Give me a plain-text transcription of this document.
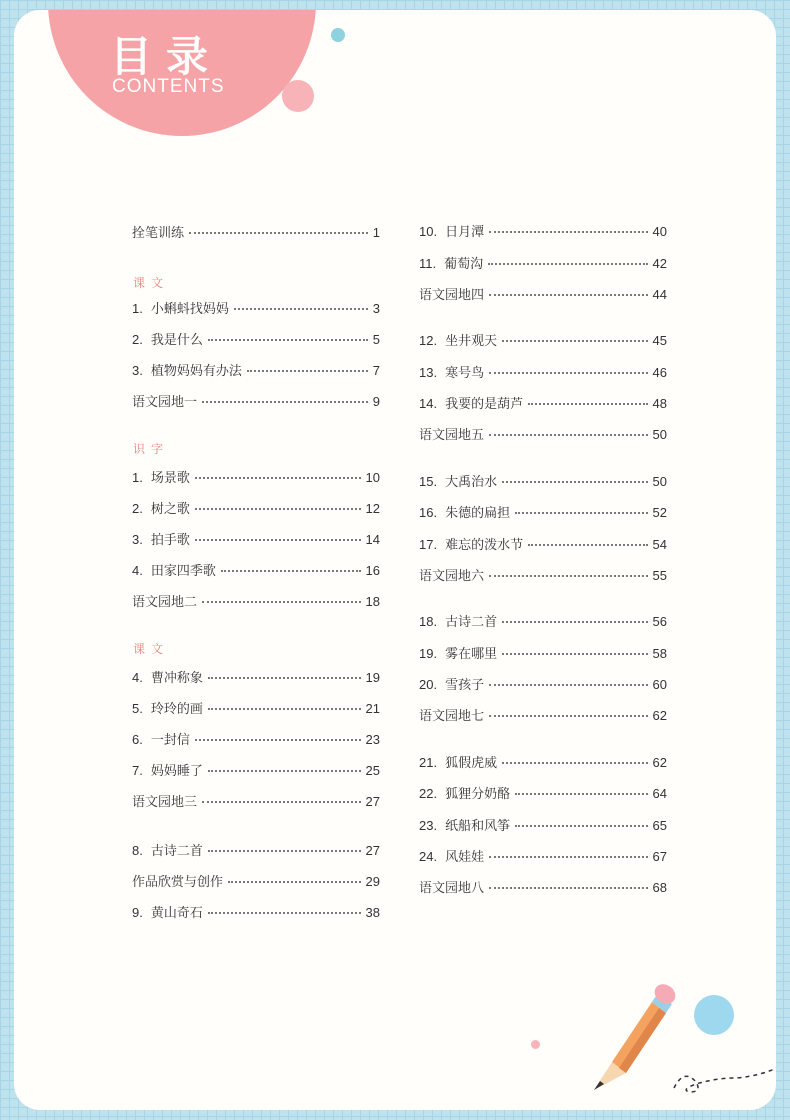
目录
CONTENTS
拴笔训练	1
课文
1. 小蝌蚪找妈妈	3
2. 我是什么	5
3. 植物妈妈有办法	7
语文园地一	9
识字
1. 场景歌	10
2. 树之歌	12
3. 拍手歌	14
4. 田家四季歌	16
语文园地二	18
课文
4. 曹冲称象	19
5. 玲玲的画	21
6. 一封信	23
7. 妈妈睡了	25
语文园地三	27
8. 古诗二首	27
作品欣赏与创作	29
9. 黄山奇石	38
10. 日月潭	40
11. 葡萄沟	42
语文园地四	44
12. 坐井观天	45
13. 寒号鸟	46
14. 我要的是葫芦	48
语文园地五	50
15. 大禹治水	50
16. 朱德的扁担	52
17. 难忘的泼水节	54
语文园地六	55
18. 古诗二首	56
19. 雾在哪里	58
20. 雪孩子	60
语文园地七	62
21. 狐假虎威	62
22. 狐狸分奶酪	64
23. 纸船和风筝	65
24. 风娃娃	67
语文园地八	68
